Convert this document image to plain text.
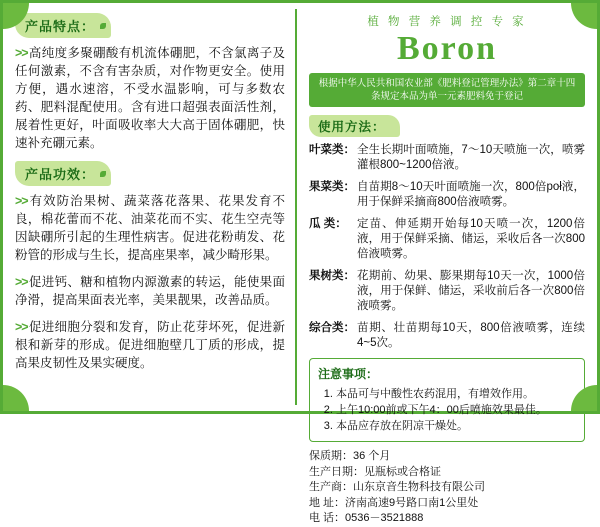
产品特点：

>>高纯度多聚硼酸有机流体硼肥，不含氯离子及任何激素，不含有害杂质，对作物更安全。使用方便，遇水速溶，不受水温影响，可与多数农药、肥料混配使用。含有进口超强表面活性剂，展着性更好，叶面吸收率大大高于固体硼肥，快速补充硼元素。

产品功效：

>>有效防治果树、蔬菜落花落果、花果发育不良，棉花蕾而不花、油菜花而不实、花生空壳等因缺硼所引起的生理性病害。促进花粉萌发、花粉管的形成与生长，提高座果率，减少畸形果。

>>促进钙、糖和植物内源激素的转运，能使果面净滑，提高果面表光率，美果靓果，改善品质。

>>促进细胞分裂和发育，防止花芽坏死，促进新根和新芽的形成。促进细胞壁几丁质的形成，提高果皮韧性及果实硬度。

植 物 营 养 调 控 专 家
Boron
根据中华人民共和国农业部《肥料登记管理办法》第二章十四条规定本品为单一元素肥料免于登记
使用方法：
叶菜类： 全生长期叶面喷施，7～10天喷施一次，喷雾灌根800~1200倍液。
果菜类： 自苗期8～10天叶面喷施一次，800倍poł液，用于保鲜采摘商800倍液喷雾。
瓜 类： 定苗、伸延期开始每10天喷一次，1200倍液，用于保鲜采摘、储运，采收后各一次800倍液喷雾。
果树类： 花期前、幼果、膨果期每10天一次，1000倍液，用于保鲜、储运，采收前后各一次800倍液喷雾。
综合类： 苗期、壮苗期每10天，800倍液喷雾，连续4~5次。
注意事项：
1. 本品可与中酸性农药混用，有增效作用。
2. 上午10:00前或下午4：00后喷施效果最佳。
3. 本品应存放在阴凉干燥处。
保质期：36 个月
生产日期：见瓶标或合格证
生产商：山东京音生物科技有限公司
地 址：济南高速9号路口南1公里处
电 话：0536－3521888
